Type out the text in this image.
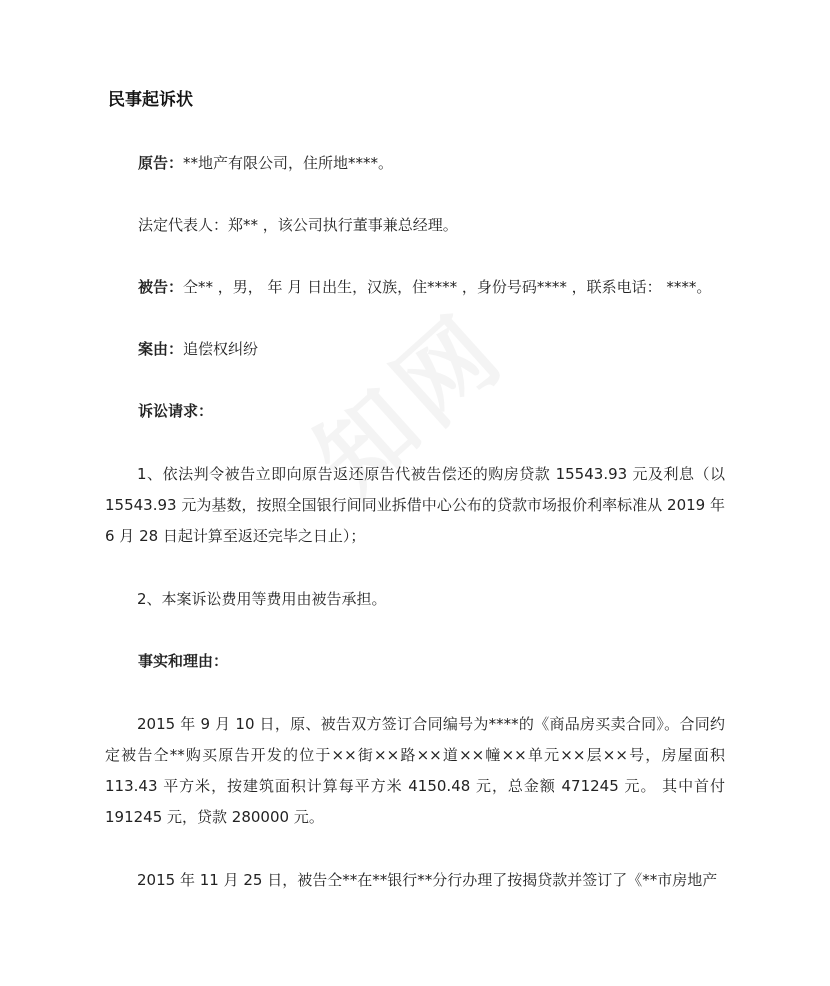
民事起诉状
原告：**地产有限公司，住所地****。
法定代表人：郑** ，该公司执行董事兼总经理。
被告：仝** ，男， 年 月 日出生，汉族，住**** ，身份号码**** ，联系电话： ****。
案由：追偿权纠纷
诉讼请求：
1、依法判令被告立即向原告返还原告代被告偿还的购房贷款 15543.93 元及利息（以 15543.93 元为基数，按照全国银行间同业拆借中心公布的贷款市场报价利率标准从 2019 年 6 月 28 日起计算至返还完毕之日止）；
2、本案诉讼费用等费用由被告承担。
事实和理由：
2015 年 9 月 10 日，原、被告双方签订合同编号为****的《商品房买卖合同》。合同约定被告仝**购买原告开发的位于××街××路××道××幢××单元××层××号，房屋面积 113.43 平方米，按建筑面积计算每平方米 4150.48 元，总金额 471245 元。 其中首付 191245 元，贷款 280000 元。
2015 年 11 月 25 日，被告仝**在**银行**分行办理了按揭贷款并签订了《**市房地产
